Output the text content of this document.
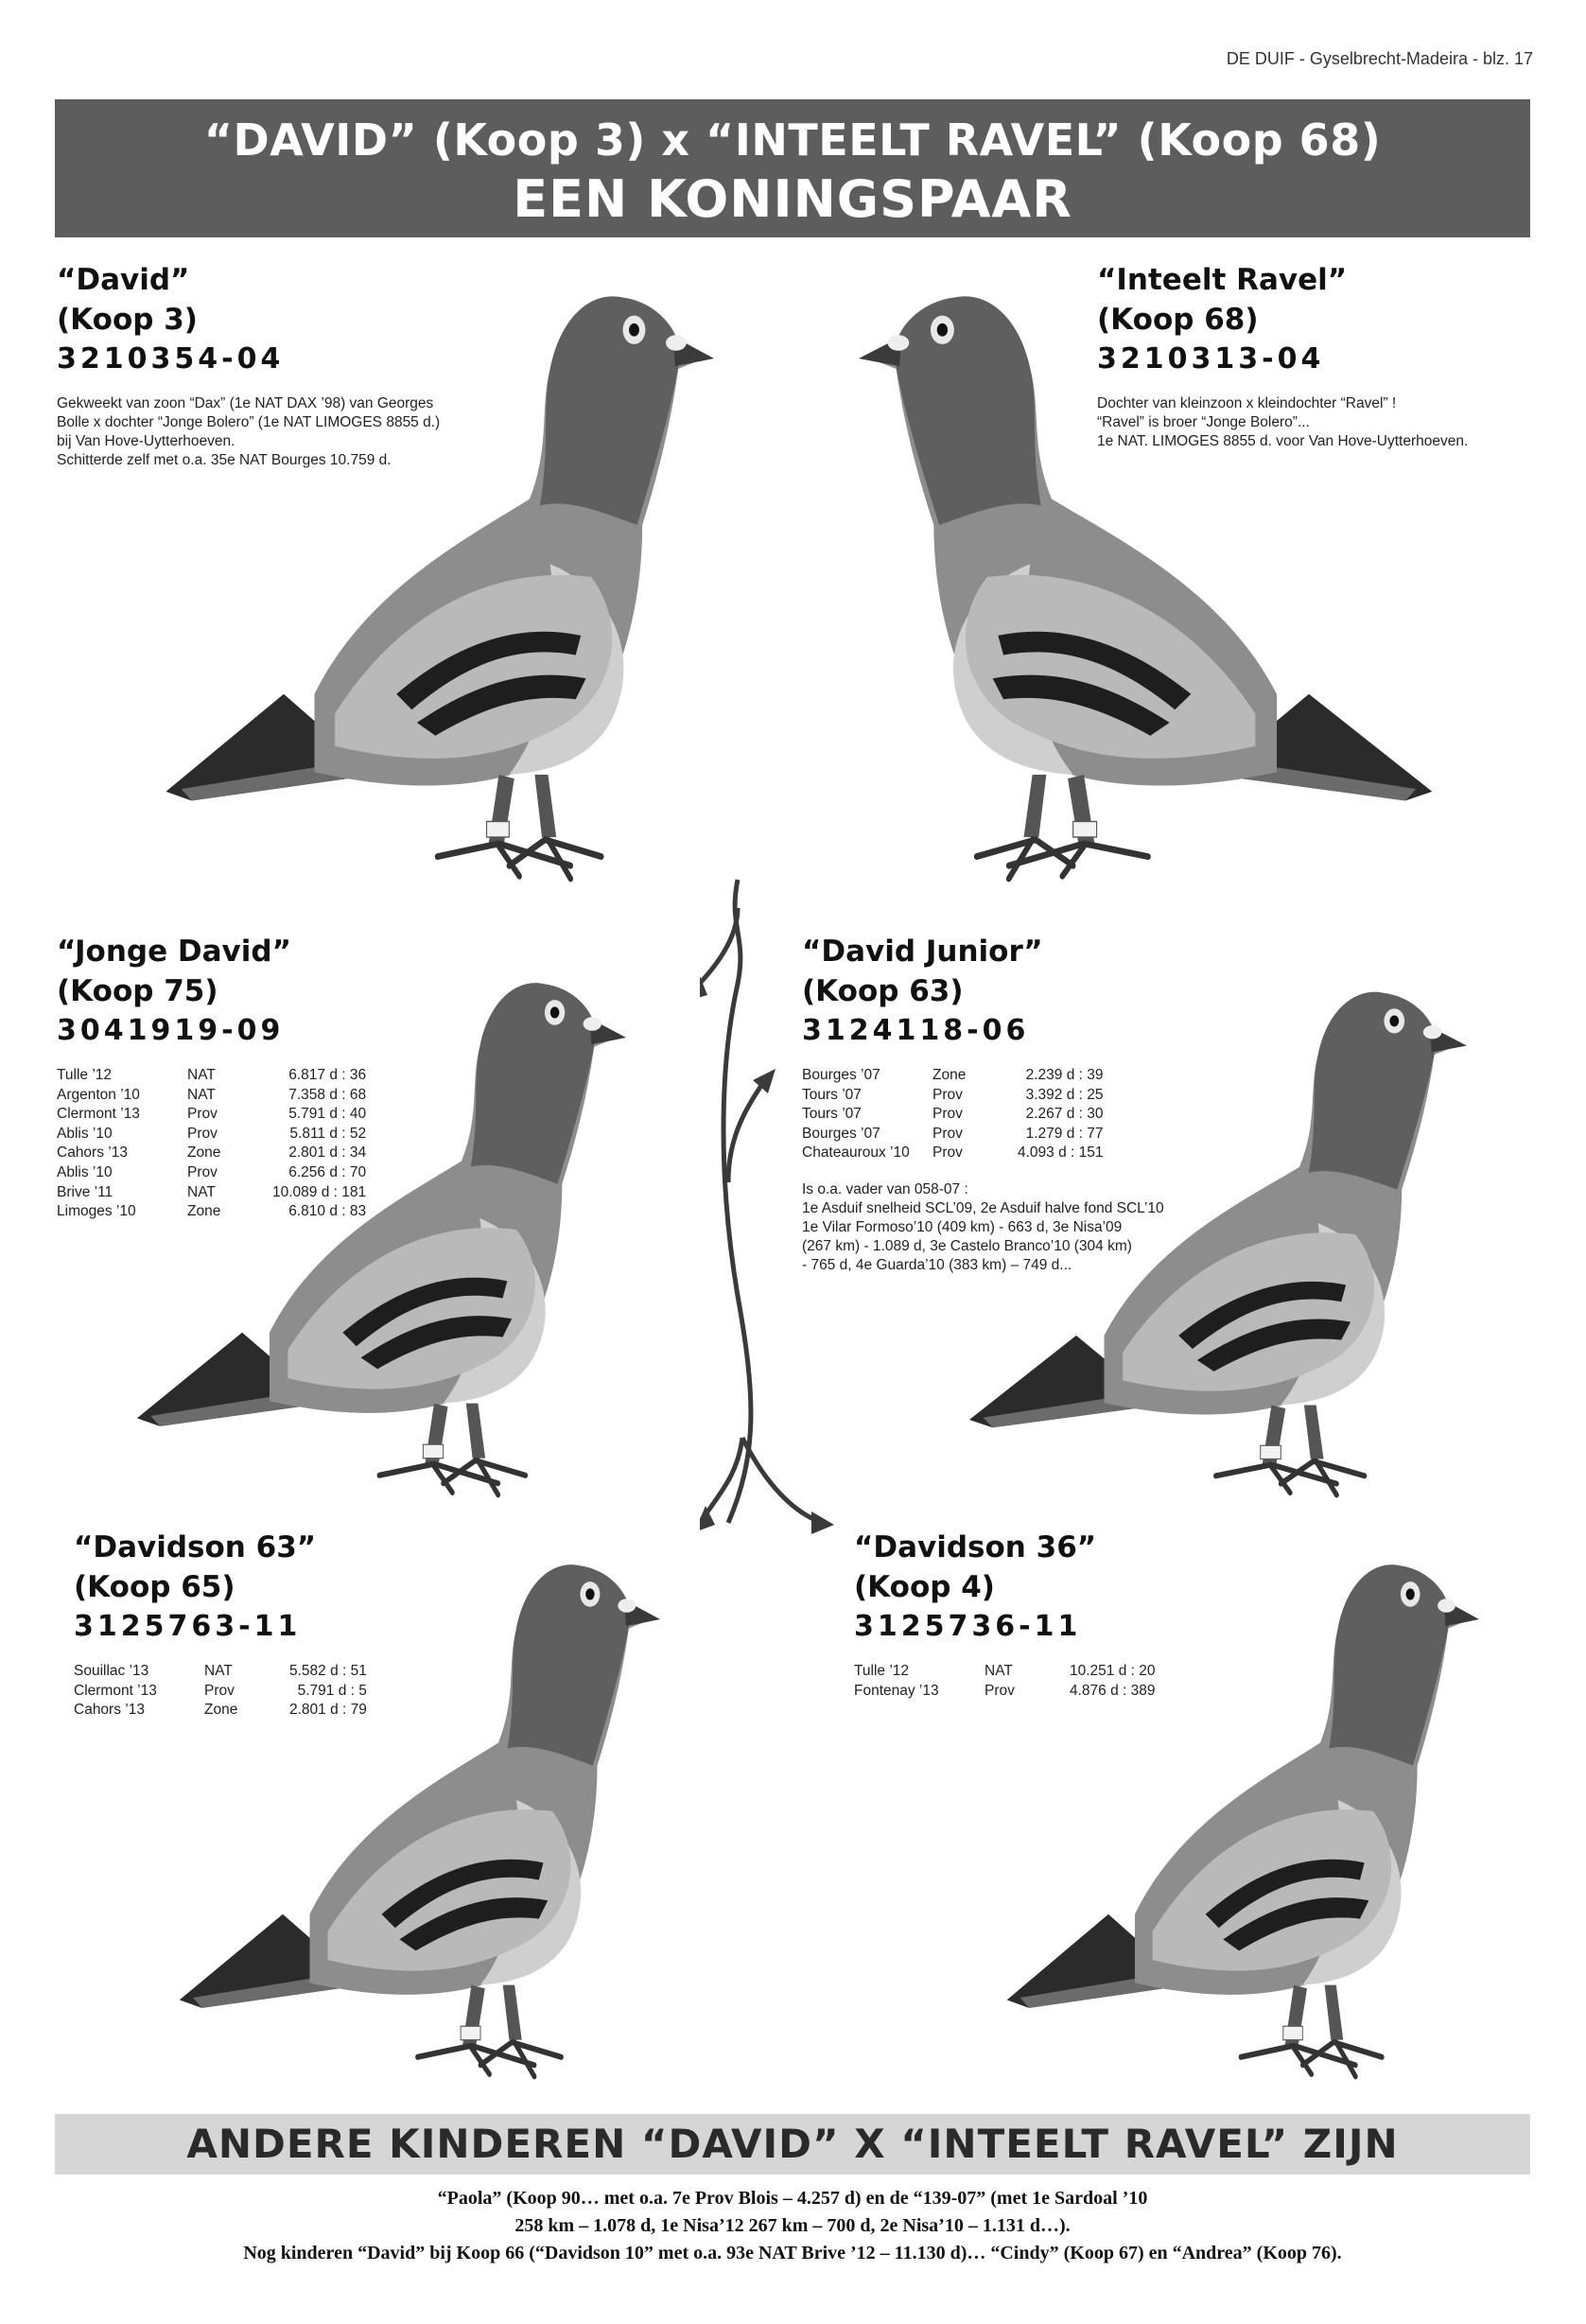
DE DUIF - Gyselbrecht-Madeira - blz. 17
“DAVID” (Koop 3) x “INTEELT RAVEL” (Koop 68)
EEN KONINGSPAAR
“David”
(Koop 3)
3210354-04

Gekweekt van zoon “Dax” (1e NAT DAX ’98) van Georges

Bolle x dochter “Jonge Bolero” (1e NAT LIMOGES 8855 d.)

bij Van Hove-Uytterhoeven.

Schitterde zelf met o.a. 35e NAT Bourges 10.759 d.

“Inteelt Ravel”
(Koop 68)
3210313-04

Dochter van kleinzoon x kleindochter “Ravel” !

“Ravel” is broer “Jonge Bolero”...

1e NAT. LIMOGES 8855 d. voor Van Hove-Uytterhoeven.

“Jonge David”
(Koop 75)
3041919-09
Tulle ’12	NAT	6.817 d : 36
Argenton ’10	NAT	7.358 d : 68
Clermont ’13	Prov	5.791 d : 40
Ablis ’10	Prov	5.811 d : 52
Cahors ’13	Zone	2.801 d : 34
Ablis ’10	Prov	6.256 d : 70
Brive ’11	NAT	10.089 d : 181
Limoges ’10	Zone	6.810 d : 83
“David Junior”
(Koop 63)
3124118-06
Bourges ’07	Zone	2.239 d : 39
Tours ’07	Prov	3.392 d : 25
Tours ’07	Prov	2.267 d : 30
Bourges ’07	Prov	1.279 d : 77
Chateauroux ’10	Prov	4.093 d : 151

Is o.a. vader van 058-07 :

1e Asduif snelheid SCL’09, 2e Asduif halve fond SCL’10

1e Vilar Formoso’10 (409 km) - 663 d, 3e Nisa’09

(267 km) - 1.089 d, 3e Castelo Branco’10 (304 km)

- 765 d, 4e Guarda’10 (383 km) – 749 d...

“Davidson 63”
(Koop 65)
3125763-11
Souillac ’13	NAT	5.582 d : 51
Clermont ’13	Prov	5.791 d : 5
Cahors ’13	Zone	2.801 d : 79
“Davidson 36”
(Koop 4)
3125736-11
Tulle ’12	NAT	10.251 d : 20
Fontenay ’13	Prov	4.876 d : 389
ANDERE KINDEREN “DAVID” X “INTEELT RAVEL” ZIJN
“Paola” (Koop 90… met o.a. 7e Prov Blois – 4.257 d) en de “139-07” (met 1e Sardoal ’10
258 km – 1.078 d, 1e Nisa’12 267 km – 700 d, 2e Nisa’10 – 1.131 d…).
Nog kinderen “David” bij Koop 66 (“Davidson 10” met o.a. 93e NAT Brive ’12 – 11.130 d)… “Cindy” (Koop 67) en “Andrea” (Koop 76).
